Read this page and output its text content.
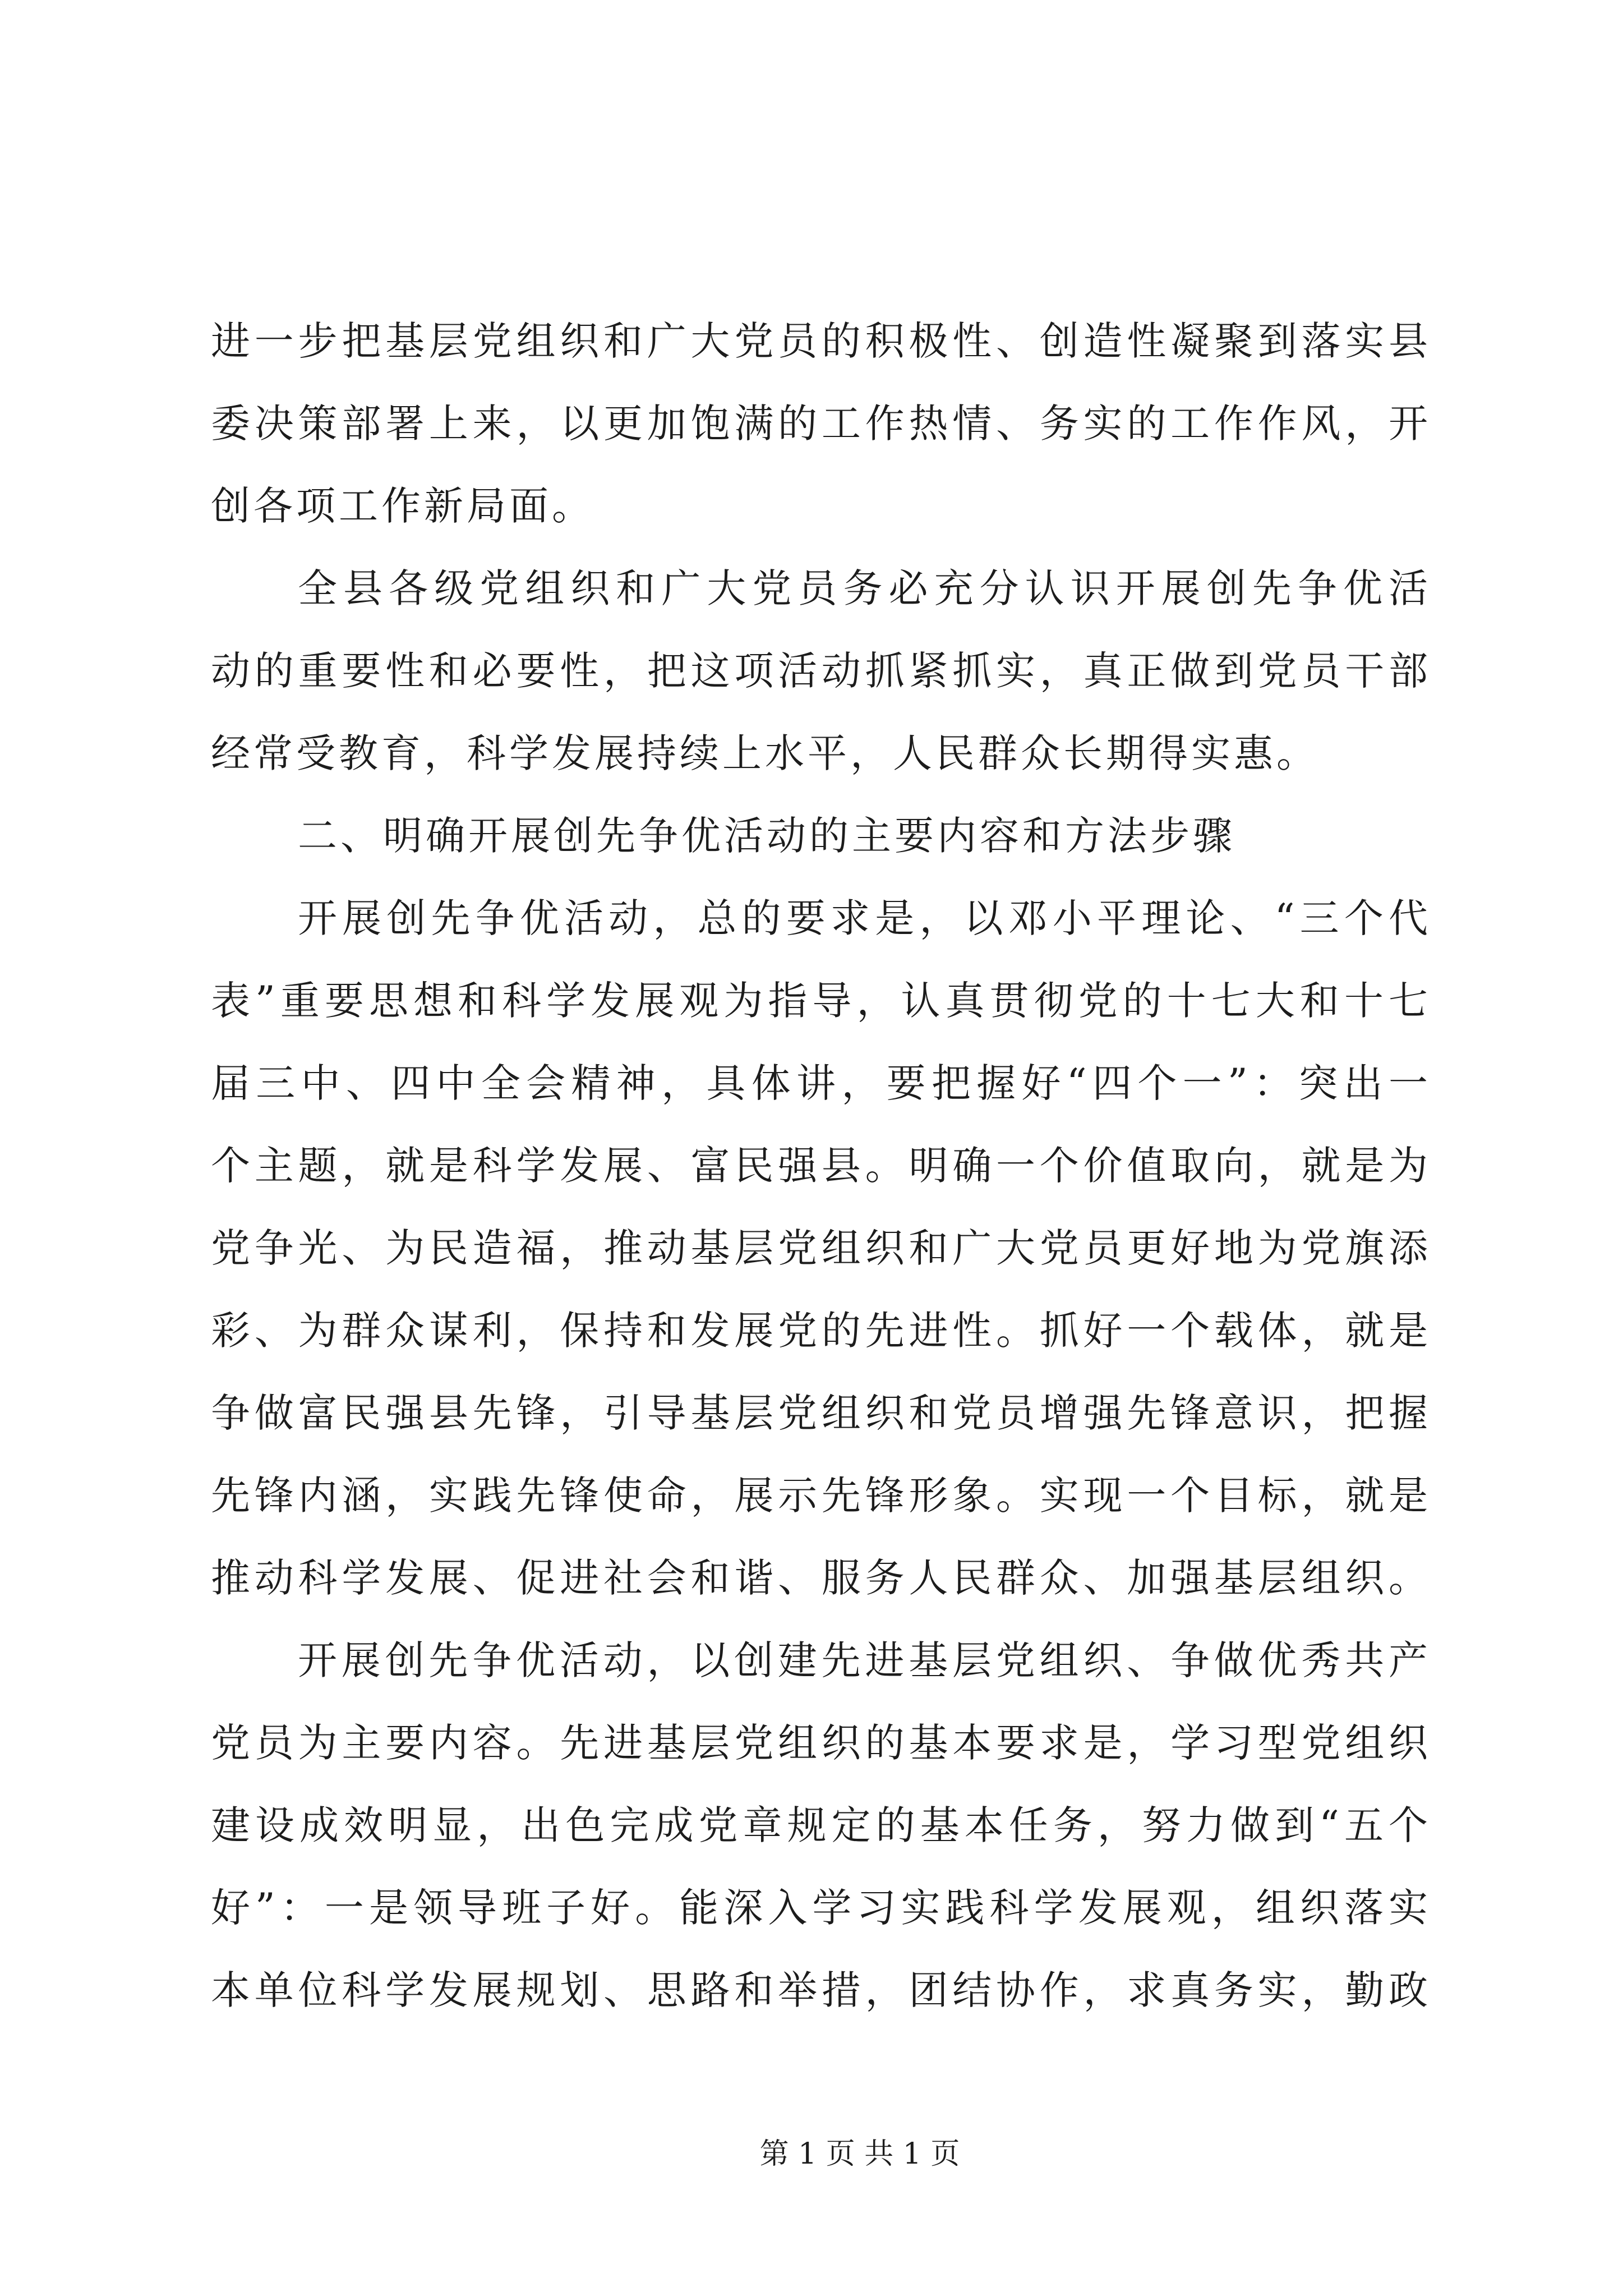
进一步把基层党组织和广大党员的积极性、创造性凝聚到落实县
委决策部署上来，以更加饱满的工作热情、务实的工作作风，开
创各项工作新局面。
全县各级党组织和广大党员务必充分认识开展创先争优活
动的重要性和必要性，把这项活动抓紧抓实，真正做到党员干部
经常受教育，科学发展持续上水平，人民群众长期得实惠。
二、明确开展创先争优活动的主要内容和方法步骤
开展创先争优活动，总的要求是，以邓小平理论、“三个代
表”重要思想和科学发展观为指导，认真贯彻党的十七大和十七
届三中、四中全会精神，具体讲，要把握好“四个一”：突出一
个主题，就是科学发展、富民强县。明确一个价值取向，就是为
党争光、为民造福，推动基层党组织和广大党员更好地为党旗添
彩、为群众谋利，保持和发展党的先进性。抓好一个载体，就是
争做富民强县先锋，引导基层党组织和党员增强先锋意识，把握
先锋内涵，实践先锋使命，展示先锋形象。实现一个目标，就是
推动科学发展、促进社会和谐、服务人民群众、加强基层组织。
开展创先争优活动，以创建先进基层党组织、争做优秀共产
党员为主要内容。先进基层党组织的基本要求是，学习型党组织
建设成效明显，出色完成党章规定的基本任务，努力做到“五个
好”：一是领导班子好。能深入学习实践科学发展观，组织落实
本单位科学发展规划、思路和举措，团结协作，求真务实，勤政
第 1 页 共 1 页
